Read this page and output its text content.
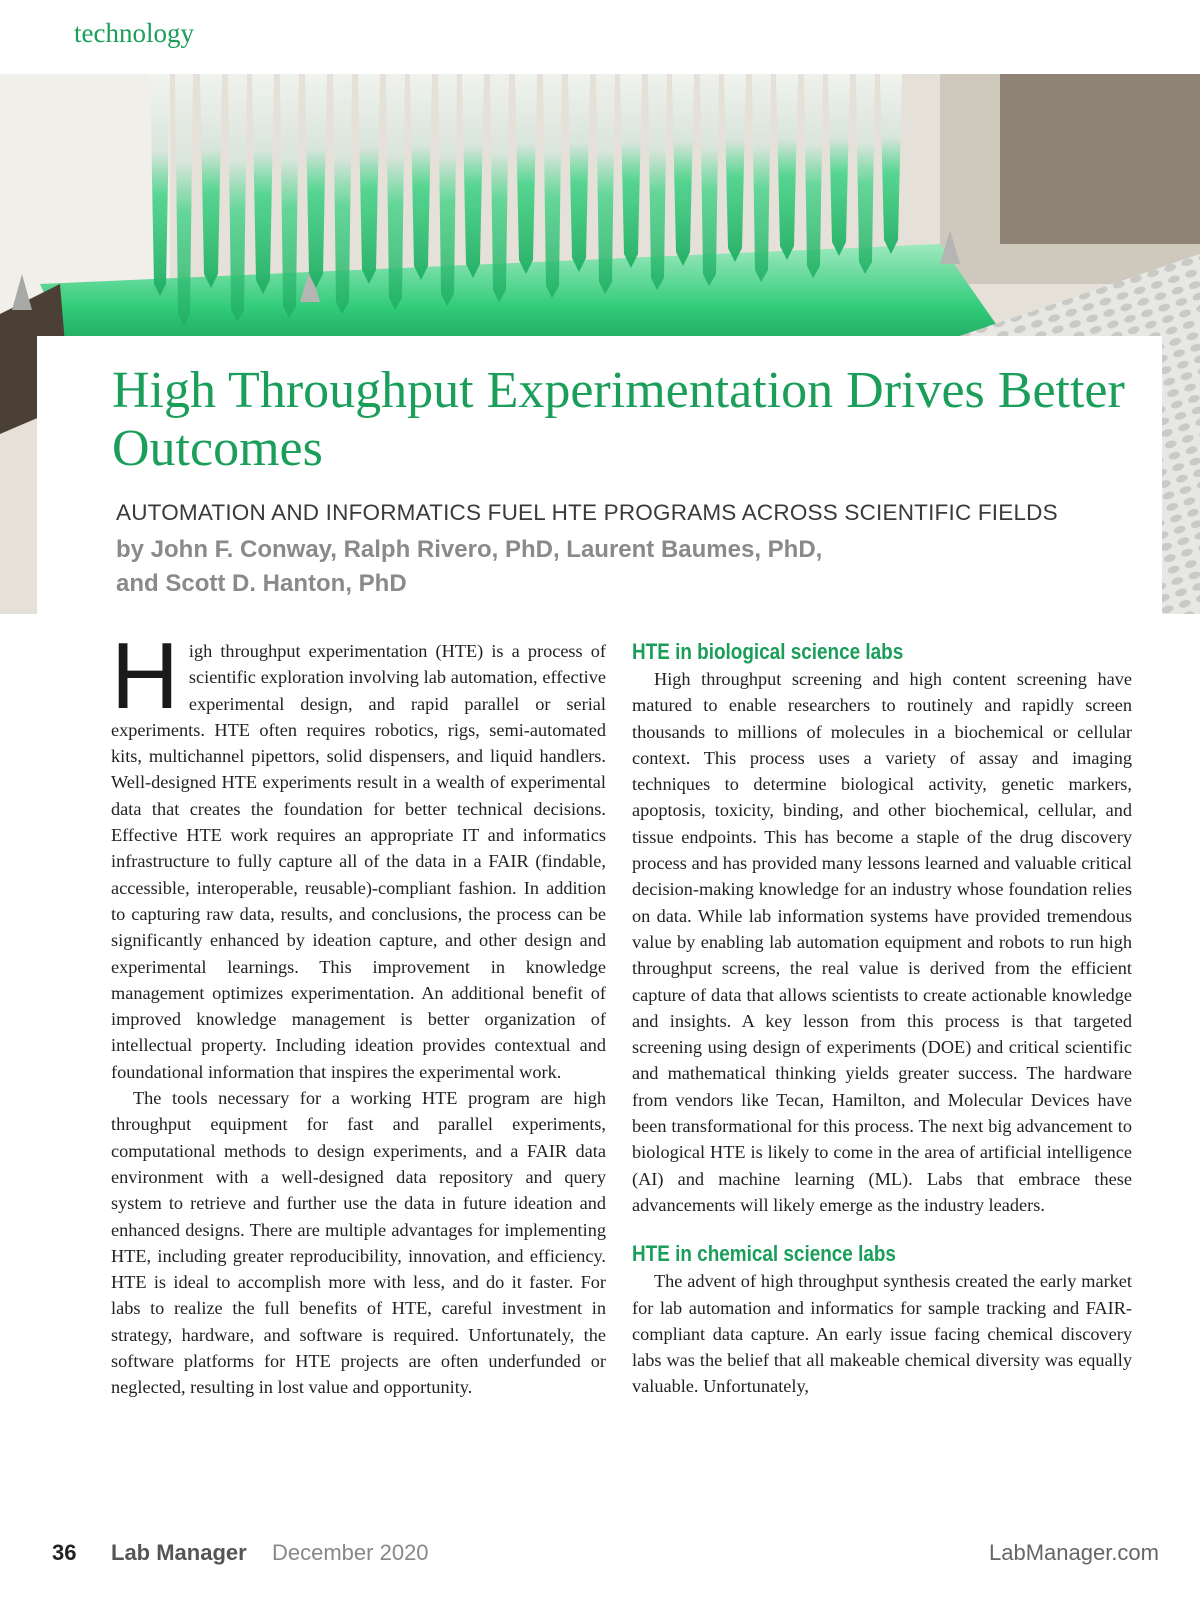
technology
High Throughput Experimentation Drives Better Outcomes
AUTOMATION AND INFORMATICS FUEL HTE PROGRAMS ACROSS SCIENTIFIC FIELDS
by John F. Conway, Ralph Rivero, PhD, Laurent Baumes, PhD,
and Scott D. Hanton, PhD

High throughput experimentation (HTE) is a process of scientific exploration involving lab automation, effective experimental design, and rapid parallel or serial experiments. HTE often requires robotics, rigs, semi-automated kits, multichannel pipettors, solid dispensers, and liquid handlers. Well-designed HTE experiments result in a wealth of experimental data that creates the foundation for better technical decisions. Effective HTE work requires an appropriate IT and informatics infrastructure to fully capture all of the data in a FAIR (findable, accessible, interoperable, reusable)-compliant fashion. In addition to capturing raw data, results, and conclusions, the process can be significantly enhanced by ideation capture, and other design and experimental learnings. This improvement in knowledge management optimizes experimentation. An additional benefit of improved knowledge management is better organization of intellectual property. Including ideation provides contextual and foundational information that inspires the experimental work.

The tools necessary for a working HTE program are high throughput equipment for fast and parallel experiments, computational methods to design experiments, and a FAIR data environment with a well-designed data repository and query system to retrieve and further use the data in future ideation and enhanced designs. There are multiple advantages for implementing HTE, including greater reproducibility, innovation, and efficiency. HTE is ideal to accomplish more with less, and do it faster. For labs to realize the full benefits of HTE, careful investment in strategy, hardware, and software is required. Unfortunately, the software platforms for HTE projects are often underfunded or neglected, resulting in lost value and opportunity.

HTE in biological science labs

High throughput screening and high content screening have matured to enable researchers to routinely and rapidly screen thousands to millions of molecules in a biochemical or cellular context. This process uses a variety of assay and imaging techniques to determine biological activity, genetic markers, apoptosis, toxicity, binding, and other biochemical, cellular, and tissue endpoints. This has become a staple of the drug discovery process and has provided many lessons learned and valuable critical decision-making knowledge for an industry whose foundation relies on data. While lab information systems have provided tremendous value by enabling lab automation equipment and robots to run high throughput screens, the real value is derived from the efficient capture of data that allows scientists to create actionable knowledge and insights. A key lesson from this process is that targeted screening using design of experiments (DOE) and critical scientific and mathematical thinking yields greater success. The hardware from vendors like Tecan, Hamilton, and Molecular Devices have been transformational for this process. The next big advancement to biological HTE is likely to come in the area of artificial intelligence (AI) and machine learning (ML). Labs that embrace these advancements will likely emerge as the industry leaders.

HTE in chemical science labs

The advent of high throughput synthesis created the early market for lab automation and informatics for sample tracking and FAIR-compliant data capture. An early issue facing chemical discovery labs was the belief that all makeable chemical diversity was equally valuable. Unfortunately,

36 Lab Manager December 2020	LabManager.com
